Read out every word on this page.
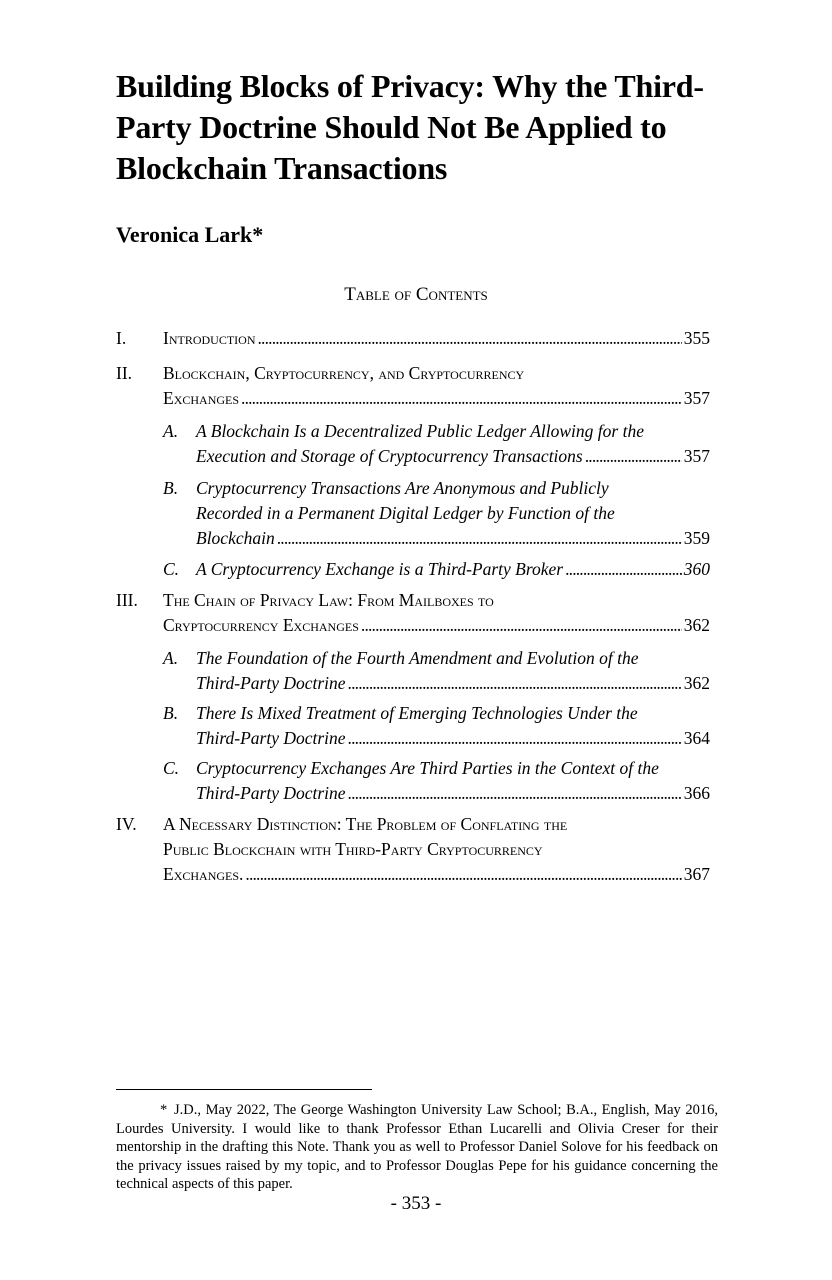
Building Blocks of Privacy: Why the Third-Party Doctrine Should Not Be Applied to Blockchain Transactions
Veronica Lark*
Table of Contents
I. Introduction . . .	355
II. Blockchain, Cryptocurrency, and Cryptocurrency
Exchanges . . .	357
A.	A Blockchain Is a Decentralized Public Ledger Allowing for the
Execution and Storage of Cryptocurrency Transactions . . .	357
B.	Cryptocurrency Transactions Are Anonymous and Publicly
Recorded in a Permanent Digital Ledger by Function of the
Blockchain . . .	359
C. A Cryptocurrency Exchange is a Third-Party Broker . . .	360
III. The Chain of Privacy Law: From Mailboxes to
Cryptocurrency Exchanges . . .	362
A.	The Foundation of the Fourth Amendment and Evolution of the
Third-Party Doctrine . . .	362
B.	There Is Mixed Treatment of Emerging Technologies Under the
Third-Party Doctrine . . .	364
C. Cryptocurrency Exchanges Are Third Parties in the Context of the
Third-Party Doctrine . . .	366
IV. A Necessary Distinction: The Problem of Conflating the
Public Blockchain with Third-Party Cryptocurrency
Exchanges. . . .	367

* J.D., May 2022, The George Washington University Law School; B.A., English, May 2016, Lourdes University. I would like to thank Professor Ethan Lucarelli and Olivia Creser for their mentorship in the drafting this Note. Thank you as well to Professor Daniel Solove for his feedback on the privacy issues raised by my topic, and to Professor Douglas Pepe for his guidance concerning the technical aspects of this paper.

- 353 -
